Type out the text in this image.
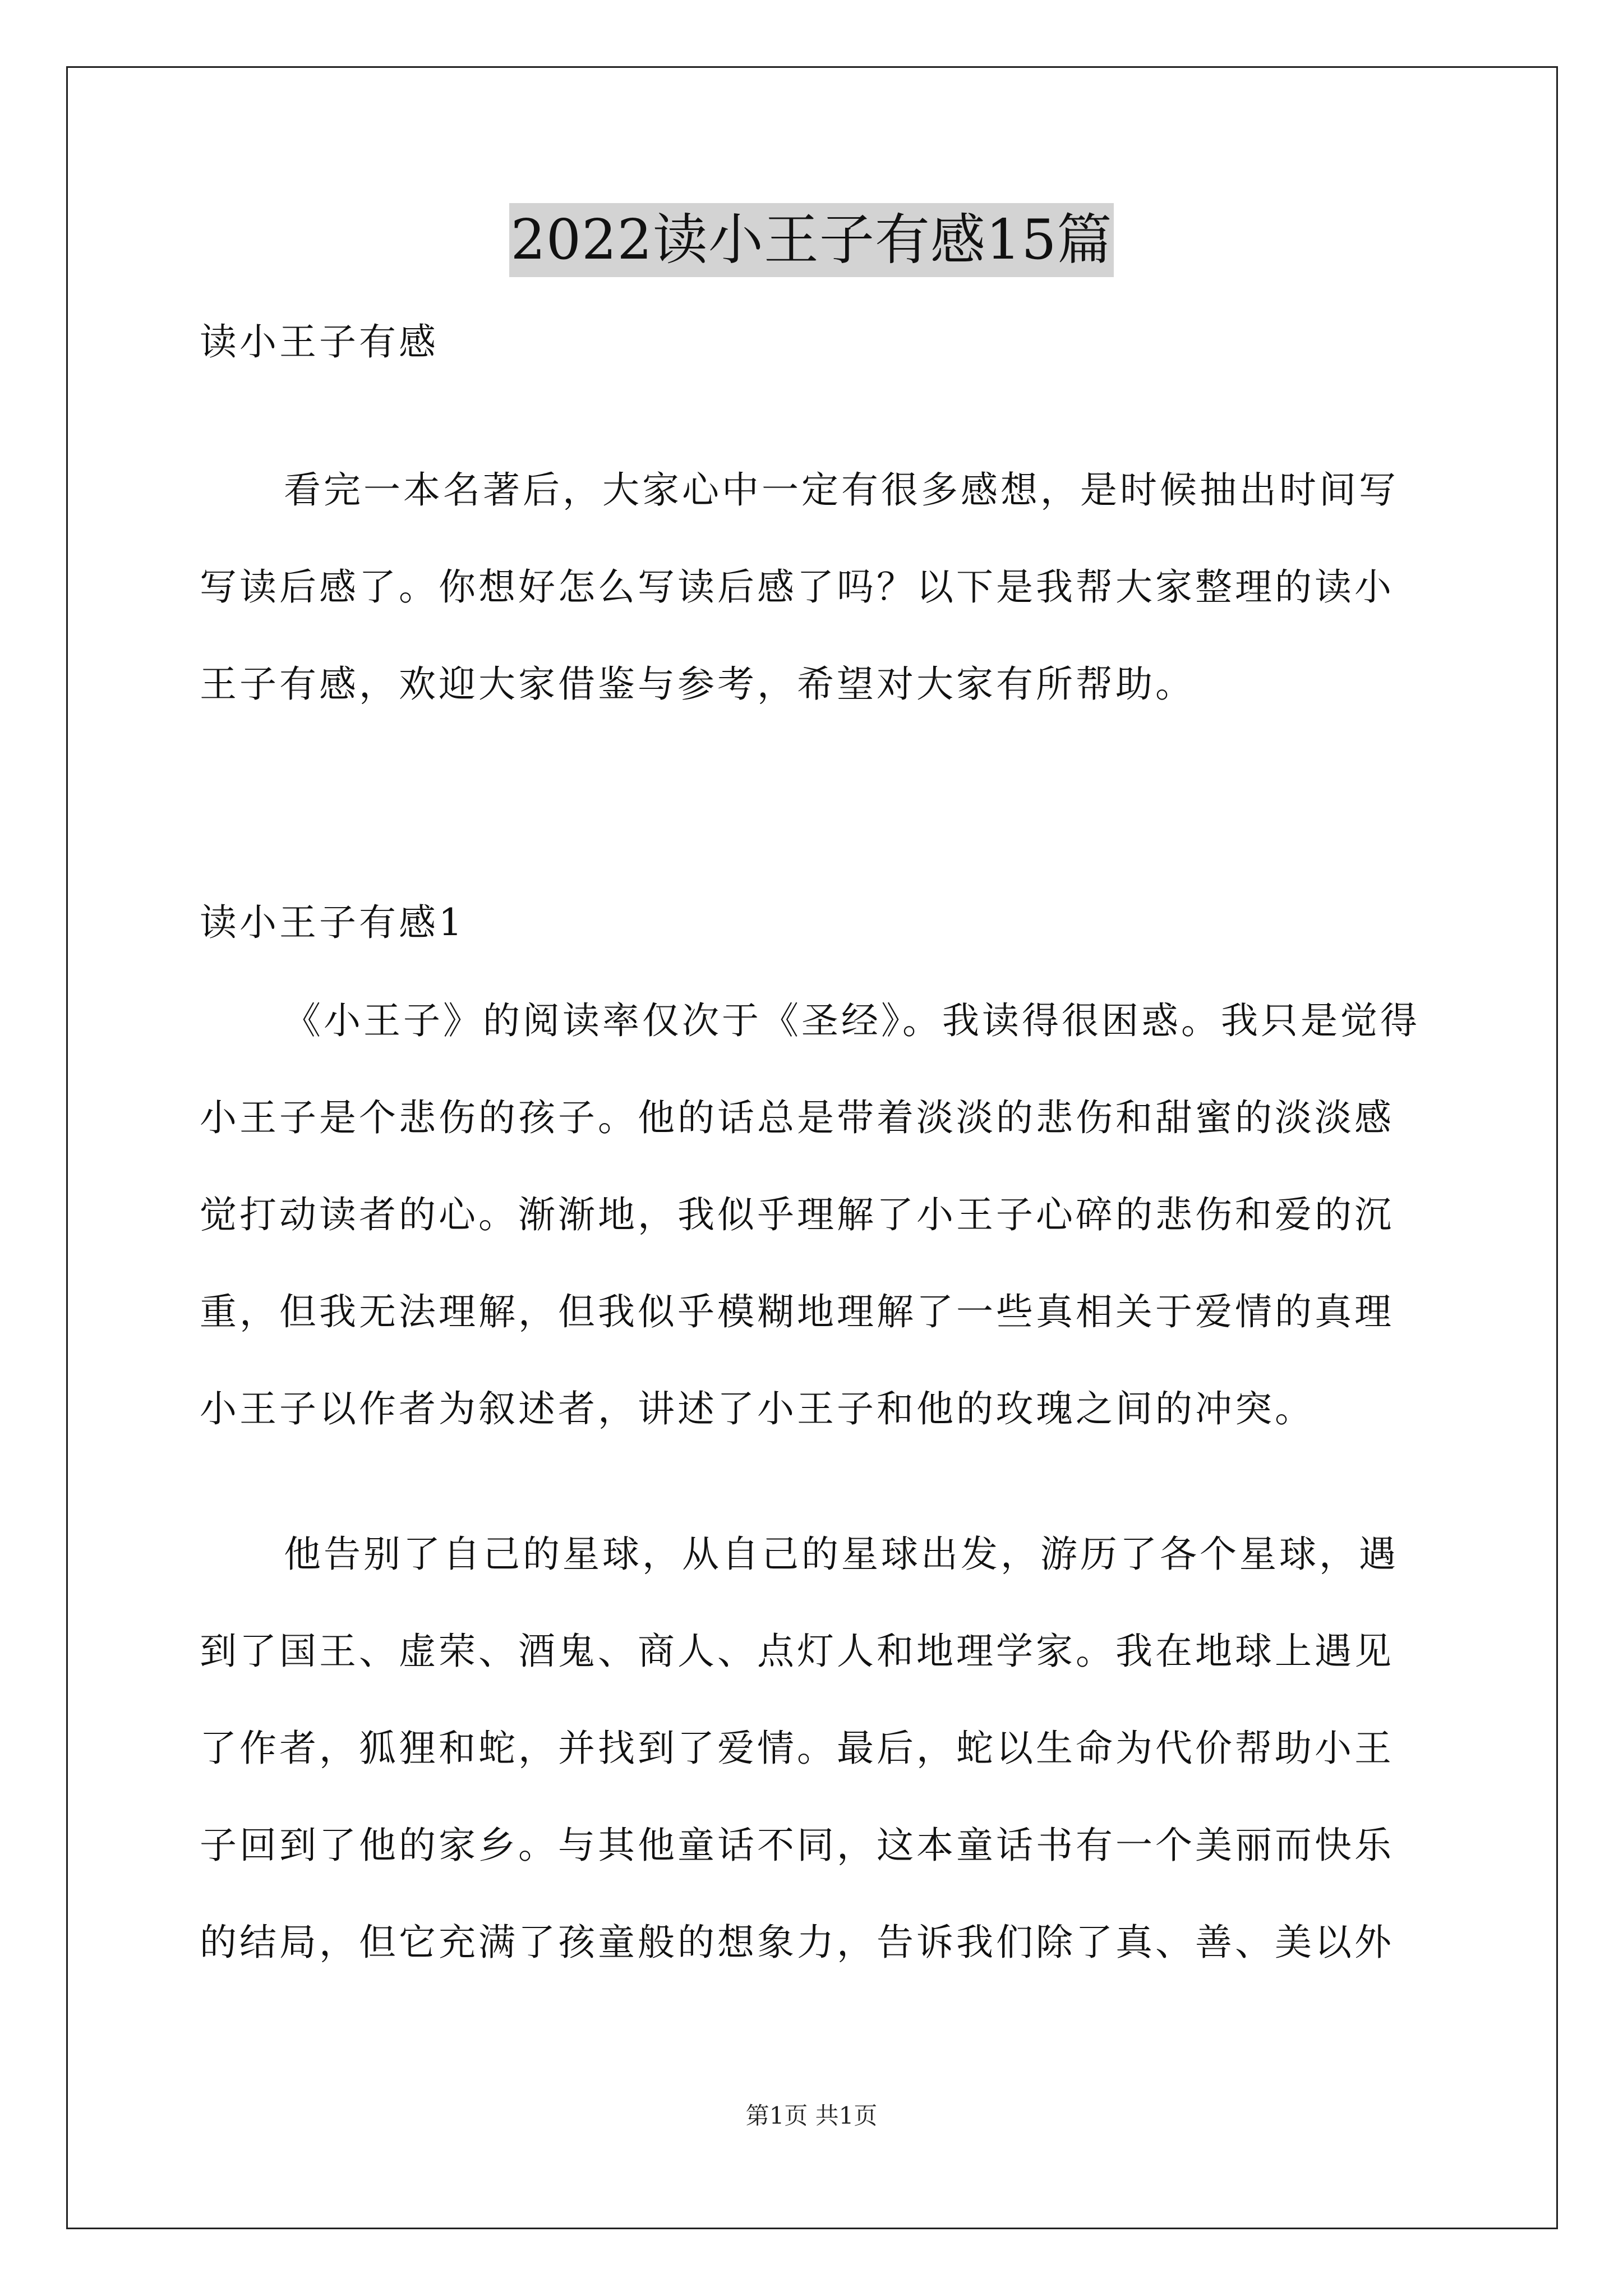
2022读小王子有感15篇

读小王子有感

看完一本名著后，大家心中一定有很多感想，是时候抽出时间写写读后感了。你想好怎么写读后感了吗？以下是我帮大家整理的读小王子有感，欢迎大家借鉴与参考，希望对大家有所帮助。

读小王子有感1

《小王子》的阅读率仅次于《圣经》。我读得很困惑。我只是觉得小王子是个悲伤的孩子。他的话总是带着淡淡的悲伤和甜蜜的淡淡感觉打动读者的心。渐渐地，我似乎理解了小王子心碎的悲伤和爱的沉重，但我无法理解，但我似乎模糊地理解了一些真相关于爱情的真理小王子以作者为叙述者，讲述了小王子和他的玫瑰之间的冲突。

他告别了自己的星球，从自己的星球出发，游历了各个星球，遇到了国王、虚荣、酒鬼、商人、点灯人和地理学家。我在地球上遇见了作者，狐狸和蛇，并找到了爱情。最后，蛇以生命为代价帮助小王子回到了他的家乡。与其他童话不同，这本童话书有一个美丽而快乐的结局，但它充满了孩童般的想象力，告诉我们除了真、善、美以外

第1页 共1页
